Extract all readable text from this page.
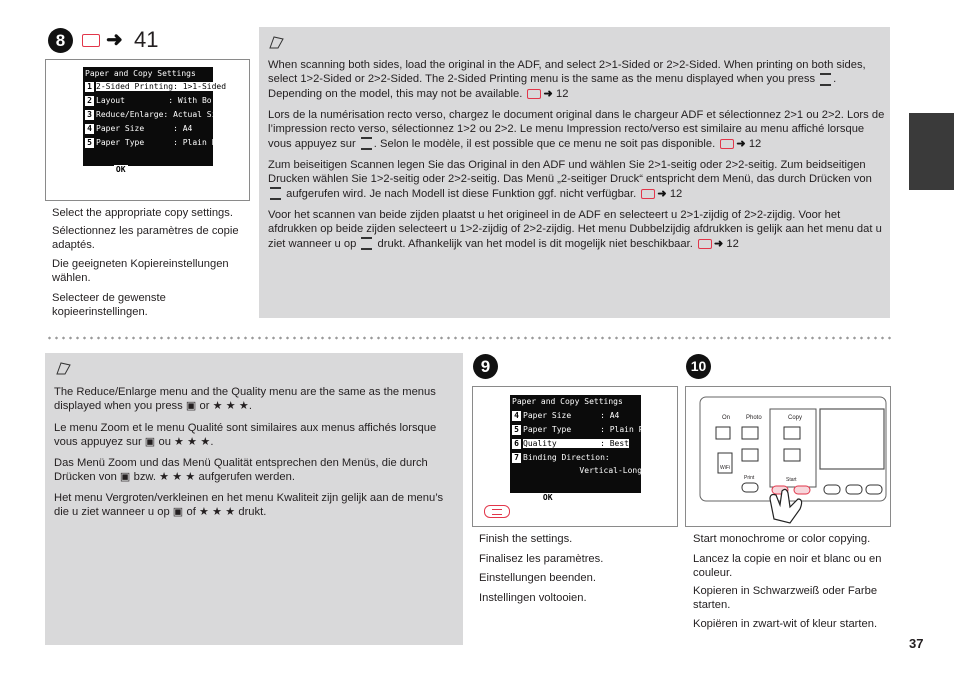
8	➜ 41
Paper and Copy Settings
1 2-Sided Printing: 1>1-Sided
2 Layout         : With Border
3 Reduce/Enlarge: Actual Size
4 Paper Size      : A4
5 Paper Type      : Plain Paper

OK Adjust
☰Done

Select the appropriate copy settings.

Sélectionnez les paramètres de copie adaptés.

Die geeigneten Kopiereinstellungen wählen.

Selecteer de gewenste kopieerinstellingen.

When scanning both sides, load the original in the ADF, and select 2>1-Sided or 2>2-Sided. When printing on both sides, select 1>2-Sided or 2>2-Sided. The 2-Sided Printing menu is the same as the menu displayed when you press . Depending on the model, this may not be available. ➜ 12

Lors de la numérisation recto verso, chargez le document original dans le chargeur ADF et sélectionnez 2>1 ou 2>2. Lors de l’impression recto verso, sélectionnez 1>2 ou 2>2. Le menu Impression recto/verso est similaire au menu affiché lorsque vous appuyez sur . Selon le modèle, il est possible que ce menu ne soit pas disponible. ➜ 12

Zum beiseitigen Scannen legen Sie das Original in den ADF und wählen Sie 2>1-seitig oder 2>2-seitig. Zum beidseitigen Drucken wählen Sie 1>2-seitig oder 2>2-seitig. Das Menü „2-seitiger Druck“ entspricht dem Menü, das durch Drücken von  aufgerufen wird. Je nach Modell ist diese Funktion ggf. nicht verfügbar. ➜ 12

Voor het scannen van beide zijden plaatst u het origineel in de ADF en selecteert u 2>1-zijdig of 2>2-zijdig. Voor het afdrukken op beide zijden selecteert u 1>2-zijdig of 2>2-zijdig. Het menu Dubbelzijdig afdrukken is gelijk aan het menu dat u ziet wanneer u op drukt. Afhankelijk van het model is dit mogelijk niet beschikbaar. ➜ 12

The Reduce/Enlarge menu and the Quality menu are the same as the menus displayed when you press ▣ or ★ ★ ★.

Le menu Zoom et le menu Qualité sont similaires aux menus affichés lorsque vous appuyez sur ▣ ou ★ ★ ★.

Das Menü Zoom und das Menü Qualität entsprechen den Menüs, die durch Drücken von ▣ bzw. ★ ★ ★ aufgerufen werden.

Het menu Vergroten/verkleinen en het menu Kwaliteit zijn gelijk aan de menu’s die u ziet wanneer u op ▣ of ★ ★ ★ drukt.

9
Paper and Copy Settings
4 Paper Size      : A4
5 Paper Type      : Plain Paper
6 Quality         : Best
7 Binding Direction:
Vertical-Long

OK Adjust
☰Done

Finish the settings.

Finalisez les paramètres.

Einstellungen beenden.

Instellingen voltooien.

10
On	Photo	Copy
WiFi
Print	Start

Start monochrome or color copying.

Lancez la copie en noir et blanc ou en couleur.

Kopieren in Schwarzweiß oder Farbe starten.

Kopiëren in zwart-wit of kleur starten.

37
